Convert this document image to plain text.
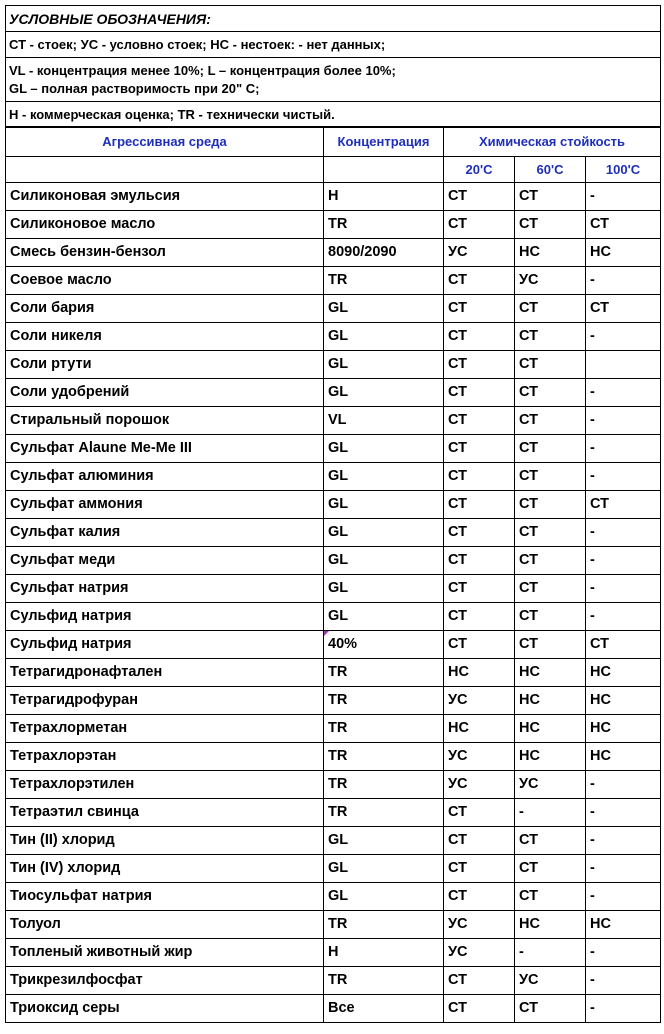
УСЛОВНЫЕ ОБОЗНАЧЕНИЯ:
СТ - стоек; УС - условно стоек; НС - нестоек: - нет данных;
VL - концентрация менее 10%; L – концентрация более 10%;
GL – полная растворимость при 20" С;
Н - коммерческая оценка; TR - технически чистый.
Агрессивная среда	Концентрация	Химическая стойкость
20'С	60'С	100'С
Силиконовая эмульсия	Н	СТ	СТ	-
Силиконовое масло	TR	СТ	СТ	СТ
Смесь бензин-бензол	8090/2090	УС	НС	НС
Соевое масло	TR	СТ	УС	-
Соли бария	GL	СТ	СТ	СТ
Соли никеля	GL	СТ	СТ	-
Соли ртути	GL	СТ	СТ
Соли удобрений	GL	СТ	СТ	-
Стиральный порошок	VL	СТ	СТ	-
Сульфат Alaune Me-Me III	GL	СТ	СТ	-
Сульфат алюминия	GL	СТ	СТ	-
Сульфат аммония	GL	СТ	СТ	СТ
Сульфат калия	GL	СТ	СТ	-
Сульфат меди	GL	СТ	СТ	-
Сульфат натрия	GL	СТ	СТ	-
Сульфид натрия	GL	СТ	СТ	-
Сульфид натрия	40%	СТ	СТ	СТ
Тетрагидронафтален	TR	НС	НС	НС
Тетрагидрофуран	TR	УС	НС	НС
Тетрахлорметан	TR	НС	НС	НС
Тетрахлорэтан	TR	УС	НС	НС
Тетрахлорэтилен	TR	УС	УС	-
Тетраэтил свинца	TR	СТ	-	-
Тин (II) хлорид	GL	СТ	СТ	-
Тин (IV) хлорид	GL	СТ	СТ	-
Тиосульфат натрия	GL	СТ	СТ	-
Толуол	TR	УС	НС	НС
Топленый животный жир	Н	УС	-	-
Трикрезилфосфат	TR	СТ	УС	-
Триоксид серы	Все	СТ	СТ	-
